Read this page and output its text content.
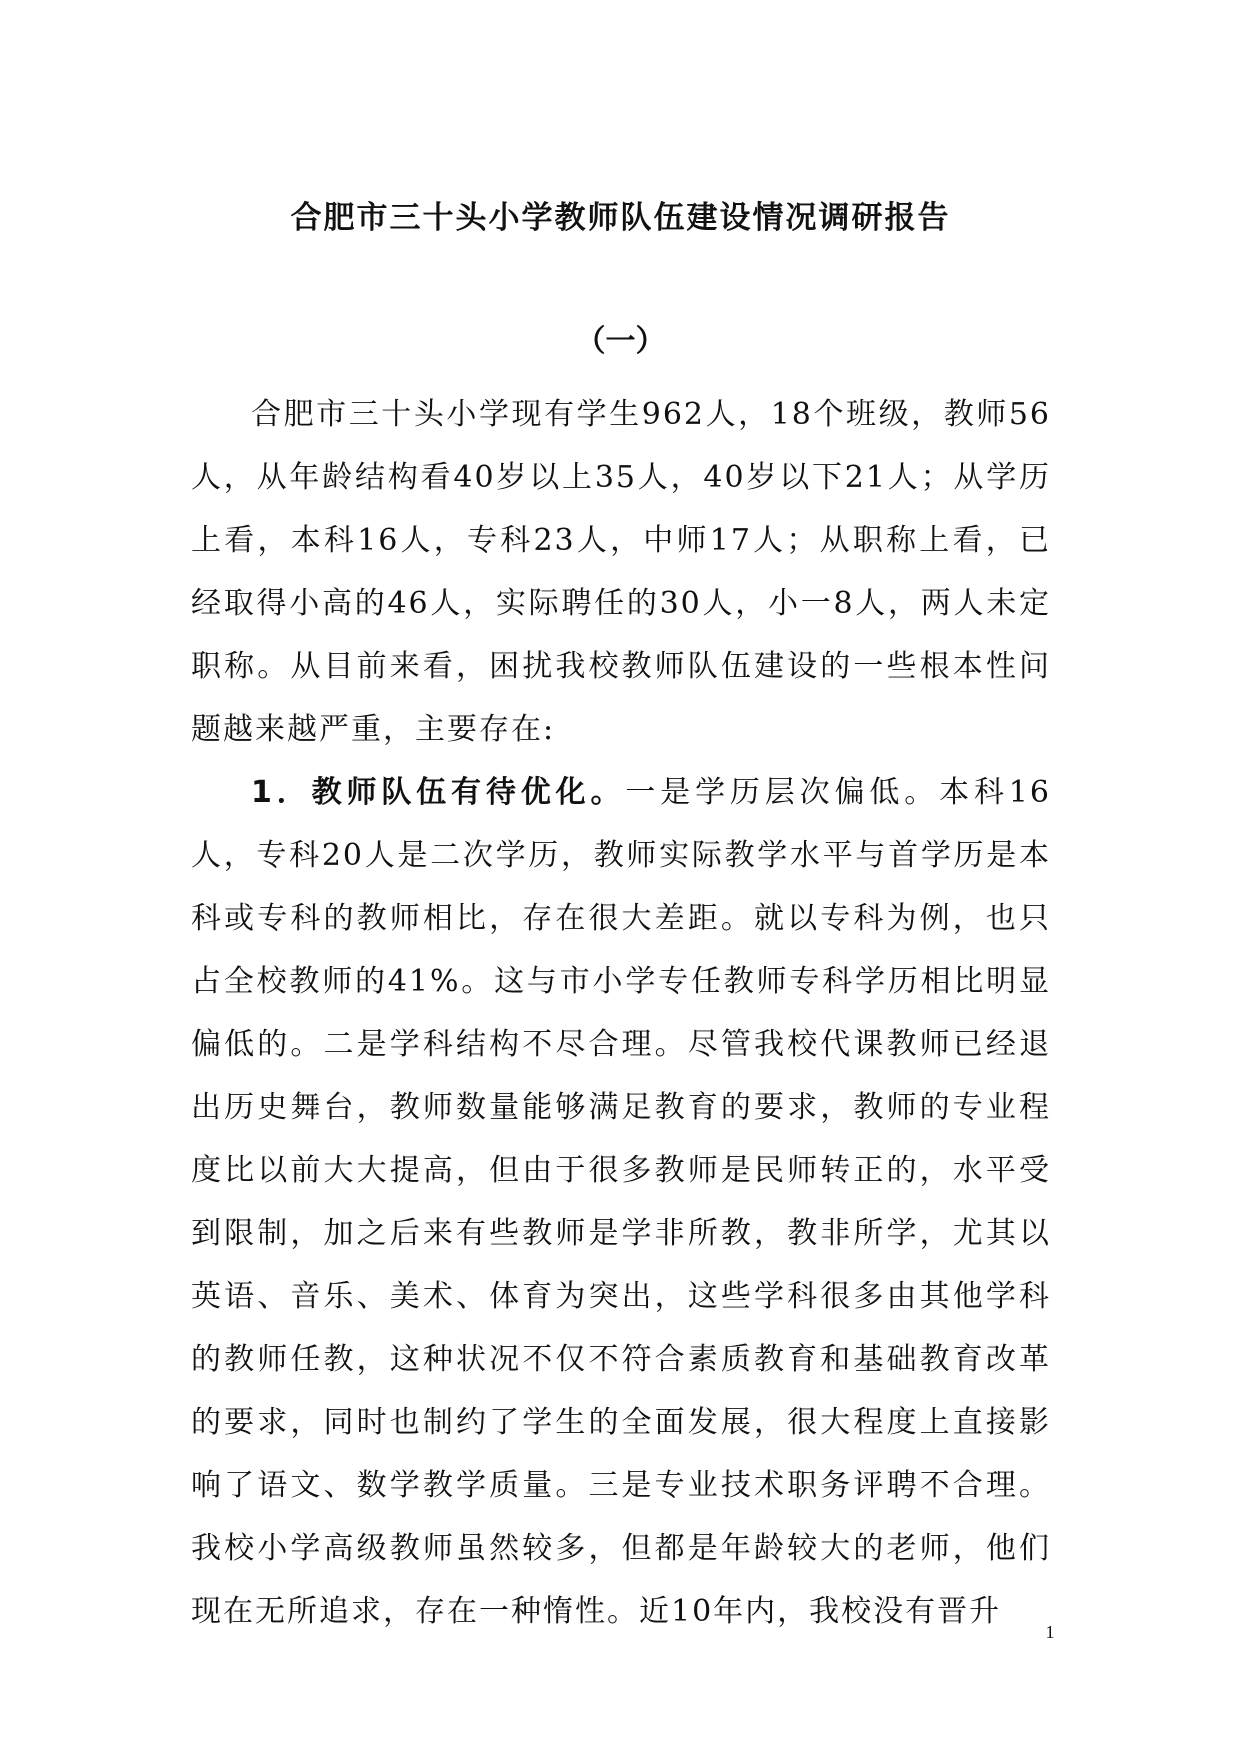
合肥市三十头小学教师队伍建设情况调研报告
（一）

合肥市三十头小学现有学生962人，18个班级，教师56人，从年龄结构看40岁以上35人，40岁以下21人；从学历上看，本科16人，专科23人，中师17人；从职称上看，已经取得小高的46人，实际聘任的30人，小一8人，两人未定职称。从目前来看，困扰我校教师队伍建设的一些根本性问题越来越严重，主要存在:

1．教师队伍有待优化。一是学历层次偏低。本科16人，专科20人是二次学历，教师实际教学水平与首学历是本科或专科的教师相比，存在很大差距。就以专科为例，也只占全校教师的41%。这与市小学专任教师专科学历相比明显偏低的。二是学科结构不尽合理。尽管我校代课教师已经退出历史舞台，教师数量能够满足教育的要求，教师的专业程度比以前大大提高，但由于很多教师是民师转正的，水平受到限制，加之后来有些教师是学非所教，教非所学，尤其以英语、音乐、美术、体育为突出，这些学科很多由其他学科的教师任教，这种状况不仅不符合素质教育和基础教育改革的要求，同时也制约了学生的全面发展，很大程度上直接影响了语文、数学教学质量。三是专业技术职务评聘不合理。我校小学高级教师虽然较多，但都是年龄较大的老师，他们现在无所追求，存在一种惰性。近10年内，我校没有晋升

1
